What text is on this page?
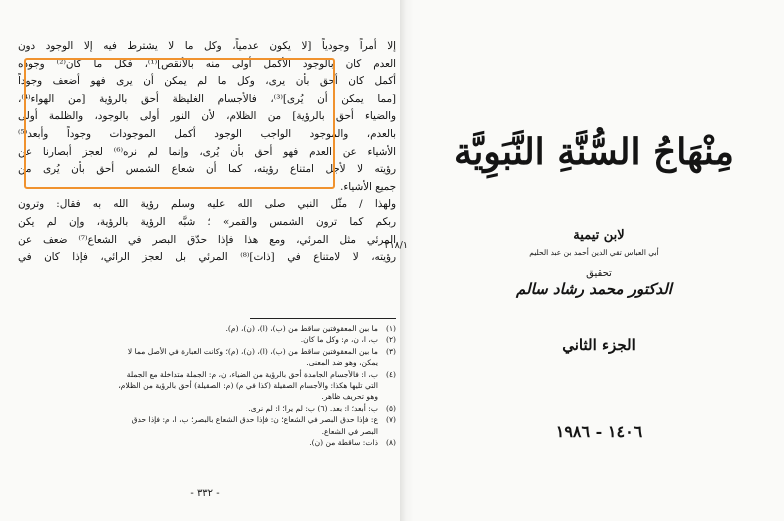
إلا أمراً وجودياً [لا يكون عدمياً، وكل ما لا يشترط فيه إلا الوجود دون
العدم كان بالوجود الأكمل أولى منه بالأنقص]⁽¹⁾، فكل ما كان⁽²⁾ وجوده
أكمل كان أحق بأن يرى، وكل ما لم يمكن أن يرى فهو أضعف وجوداً
[مما يمكن أن يُرى]⁽³⁾، فالأجسام الغليظة أحق بالرؤية [من الهواء⁽⁴⁾،
والضياء أحق بالرؤية] من الظلام، لأن النور أولى بالوجود، والظلمة أولى
بالعدم، والموجود الواجب الوجود أكمل الموجودات وجوداً وأبعد⁽⁵⁾
الأشياء عن العدم فهو أحق بأن يُرى، وإنما لم نره⁽⁶⁾ لعجز أبصارنا عن
رؤيته لا لأجل امتناع رؤيته، كما أن شعاع الشمس أحق بأن يُرى من
جميع الأشياء.
ولهذا / مثّل النبي صلى الله عليه وسلم رؤية الله به فقال: وترون
ربكم كما ترون الشمس والقمر» ؛ شبَّه الرؤية بالرؤية، وإن لم يكن
المرئي مثل المرئي، ومع هذا فإذا حدّق البصر في الشعاع⁽⁷⁾ ضعف عن
رؤيته، لا لامتناع في [ذات]⁽⁸⁾ المرئي بل لعجز الرائي، فإذا كان في
٢١٨/١
(١)
ما بين المعقوفتين ساقط من (ب)، (ا)، (ن)، (م).
(٢)
ب، ا، ن، م: وكل ما كان.
(٣)
ما بين المعقوفتين ساقط من (ب)، (ا)، (ن)، (م)؛ وكانت العبارة في الأصل مما لا
يمكن، وهو ضد المعنى.
(٤)
ب، ا: فالأجسام الجامدة أحق بالرؤية من الضياء، ن، م: الجملة متداخلة مع الجملة
التي تليها هكذا: والأجسام الصقيلة (كذا في م) (م: الصقيلة) أحق بالرؤية من الظلام،
وهو تحريف ظاهر.
(٥)
ب: أبعد؛ ا: بعد. (٦) ب: لم يرا؛ ا: لم نرى.
(٧)
ع: فإذا حدق البصر في الشعاع؛ ن: فإذا حدق الشعاع بالبصر؛ ب، ا، م: فإذا حدق
البصر في الشعاع.
(٨)
ذات: ساقطة من (ن).
- ٣٣٢ -
مِنْهَاجُ السُّنَّةِ النَّبَوِيَّة
لابن تيمية
أبي العباس تقي الدين أحمد بن عبد الحليم
تحقيق
الدكتور محمد رشاد سالم
الجزء الثاني
١٤٠٦ - ١٩٨٦
